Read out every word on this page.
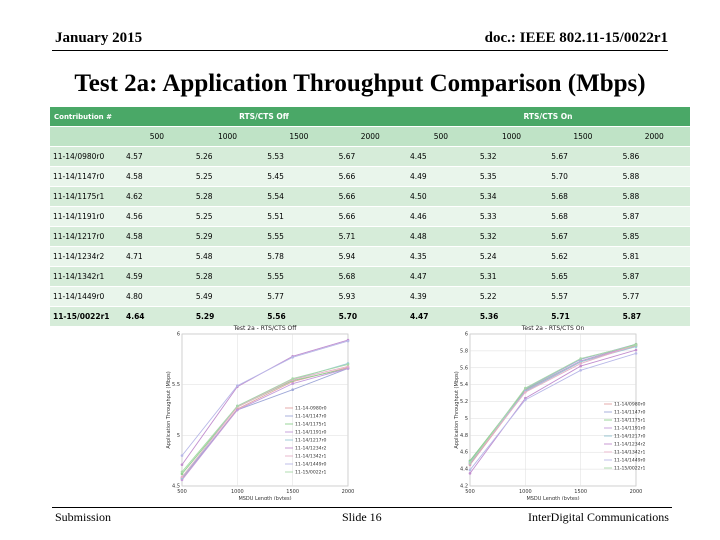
January 2015	doc.: IEEE 802.11-15/0022r1
Test 2a: Application Throughput Comparison (Mbps)
Contribution #	RTS/CTS Off				RTS/CTS On			
	500	1000	1500	2000	500	1000	1500	2000
11-14/0980r0	4.57	5.26	5.53	5.67	4.45	5.32	5.67	5.86
11-14/1147r0	4.58	5.25	5.45	5.66	4.49	5.35	5.70	5.88
11-14/1175r1	4.62	5.28	5.54	5.66	4.50	5.34	5.68	5.88
11-14/1191r0	4.56	5.25	5.51	5.66	4.46	5.33	5.68	5.87
11-14/1217r0	4.58	5.29	5.55	5.71	4.48	5.32	5.67	5.85
11-14/1234r2	4.71	5.48	5.78	5.94	4.35	5.24	5.62	5.81
11-14/1342r1	4.59	5.28	5.55	5.68	4.47	5.31	5.65	5.87
11-14/1449r0	4.80	5.49	5.77	5.93	4.39	5.22	5.57	5.77
11-15/0022r1	4.64	5.29	5.56	5.70	4.47	5.36	5.71	5.87
4.5
5
5.5
6
500	1000	1500	2000
Test 2a - RTS/CTS Off
MSDU Length (bytes)
Application Throughput (Mbps)	11-14-0980r0
11-14/1147r0
11-14/1175r1
11-14/1191r0
11-14/1217r0
11-14/1234r2
11-14/1342r1
11-14/1449r0
11-15/0022r1
4.2
4.4
4.6
4.8
5
5.2
5.4
5.6
5.8
6
500	1000	1500	2000
Test 2a - RTS/CTS On
MSDU Length (bytes)
Application Throughput (Mbps)	11-14/0980r0
11-14/1147r0
11-14/1175r1
11-14/1191r0
11-14/1217r0
11-14/1234r2
11-14/1342r1
11-14/1449r0
11-15/0022r1
Submission	Slide 16	InterDigital Communications
